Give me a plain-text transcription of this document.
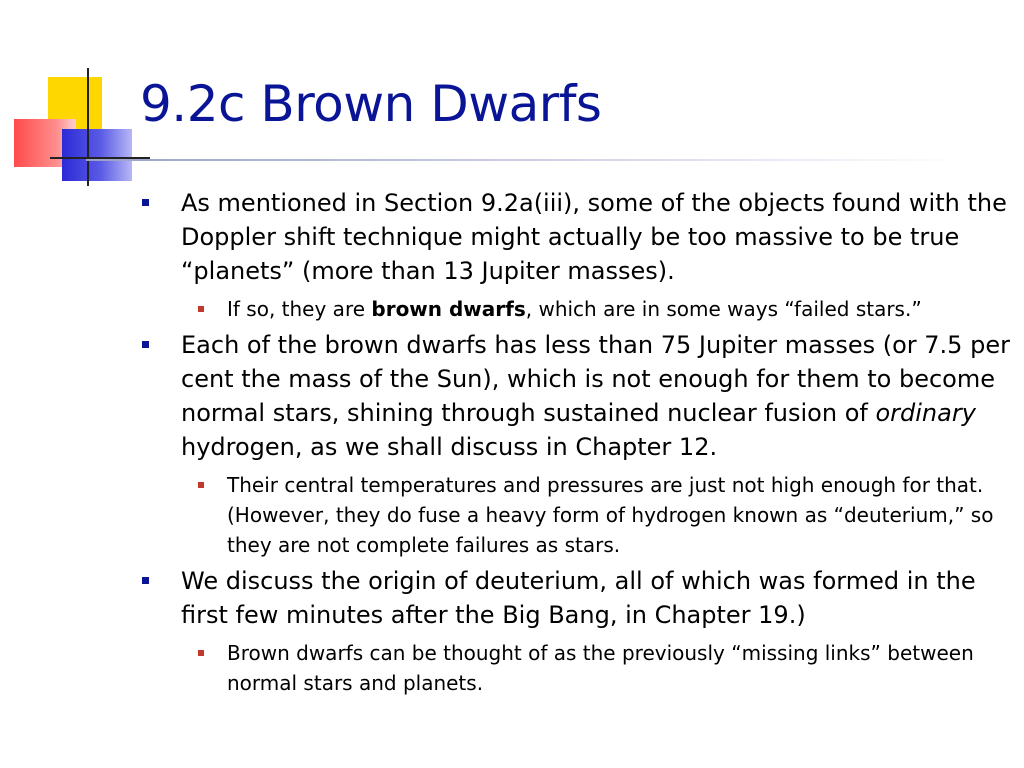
9.2c Brown Dwarfs
As mentioned in Section 9.2a(iii), some of the objects found with the Doppler shift technique might actually be too massive to be true “planets” (more than 13 Jupiter masses).
If so, they are brown dwarfs, which are in some ways “failed stars.”
Each of the brown dwarfs has less than 75 Jupiter masses (or 7.5 per cent the mass of the Sun), which is not enough for them to become normal stars, shining through sustained nuclear fusion of ordinary hydrogen, as we shall discuss in Chapter 12.
Their central temperatures and pressures are just not high enough for that. (However, they do fuse a heavy form of hydrogen known as “deuterium,” so they are not complete failures as stars.
We discuss the origin of deuterium, all of which was formed in the first few minutes after the Big Bang, in Chapter 19.)
Brown dwarfs can be thought of as the previously “missing links” between normal stars and planets.
